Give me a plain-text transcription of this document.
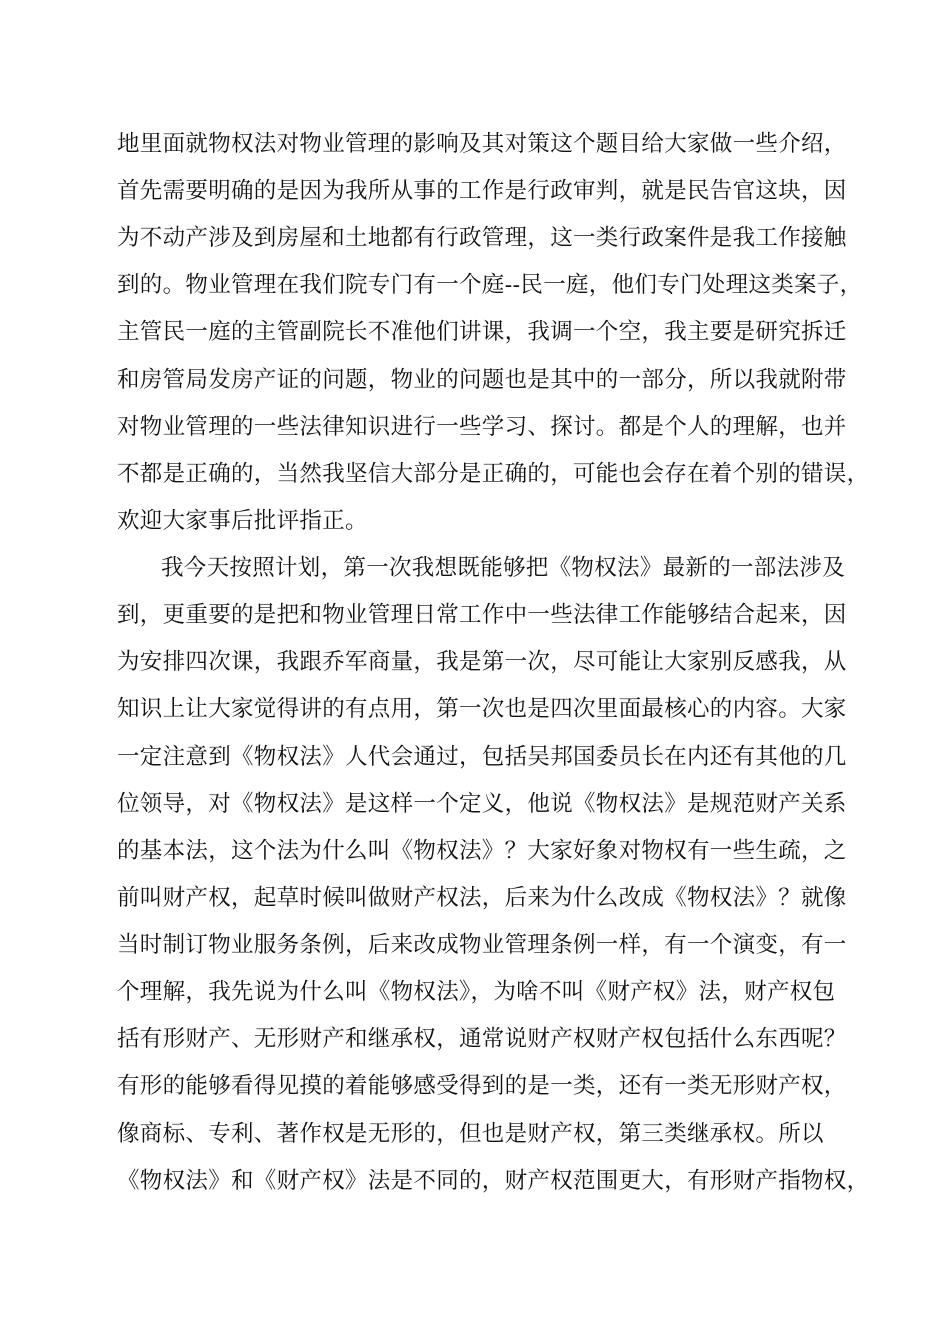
地里面就物权法对物业管理的影响及其对策这个题目给大家做一些介绍，
首先需要明确的是因为我所从事的工作是行政审判，就是民告官这块，因
为不动产涉及到房屋和土地都有行政管理，这一类行政案件是我工作接触
到的。物业管理在我们院专门有一个庭--民一庭，他们专门处理这类案子，
主管民一庭的主管副院长不准他们讲课，我调一个空，我主要是研究拆迁
和房管局发房产证的问题，物业的问题也是其中的一部分，所以我就附带
对物业管理的一些法律知识进行一些学习、探讨。都是个人的理解，也并
不都是正确的，当然我坚信大部分是正确的，可能也会存在着个别的错误，
欢迎大家事后批评指正。
我今天按照计划，第一次我想既能够把《物权法》最新的一部法涉及
到，更重要的是把和物业管理日常工作中一些法律工作能够结合起来，因
为安排四次课，我跟乔军商量，我是第一次，尽可能让大家别反感我，从
知识上让大家觉得讲的有点用，第一次也是四次里面最核心的内容。大家
一定注意到《物权法》人代会通过，包括吴邦国委员长在内还有其他的几
位领导，对《物权法》是这样一个定义，他说《物权法》是规范财产关系
的基本法，这个法为什么叫《物权法》？大家好象对物权有一些生疏，之
前叫财产权，起草时候叫做财产权法，后来为什么改成《物权法》？就像
当时制订物业服务条例，后来改成物业管理条例一样，有一个演变，有一
个理解，我先说为什么叫《物权法》，为啥不叫《财产权》法，财产权包
括有形财产、无形财产和继承权，通常说财产权财产权包括什么东西呢？
有形的能够看得见摸的着能够感受得到的是一类，还有一类无形财产权，
像商标、专利、著作权是无形的，但也是财产权，第三类继承权。所以
《物权法》和《财产权》法是不同的，财产权范围更大，有形财产指物权，
